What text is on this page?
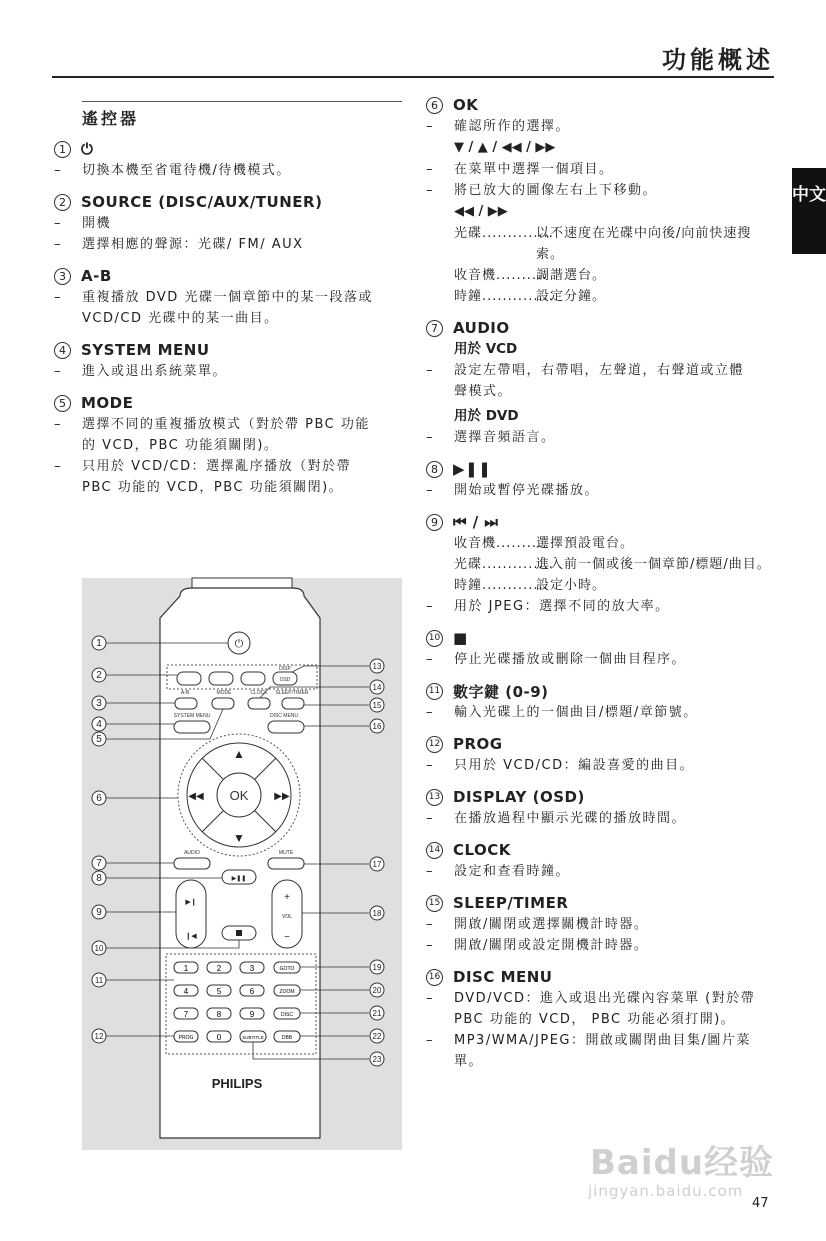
功能概述
中文
遙控器
1	⏻
– 切換本機至省電待機/待機模式。
2	SOURCE (DISC/AUX/TUNER)
– 開機
– 選擇相應的聲源：光碟/ FM/ AUX
3	A-B
– 重複播放 DVD 光碟一個章節中的某一段落或
VCD/CD 光碟中的某一曲目。
4	SYSTEM MENU
– 進入或退出系統菜單。
5	MODE
– 選擇不同的重複播放模式（對於帶 PBC 功能
的 VCD，PBC 功能須關閉)。
– 只用於 VCD/CD：選擇亂序播放（對於帶
PBC 功能的 VCD，PBC 功能須關閉)。
⏻
DISP
OSD
A-B	MODE	CLOCK SLEEP/TIMER
SYSTEM MENU	DISC MENU
OK
▲
▼
◀◀	▶▶
AUDIO	MUTE
▶❚❚
▶❙
❙◀
+
VOL
−
1	2	3
4	5	6
7	8	9
PROG	0	SUBTITLE
GOTO
ZOOM
DISC
DBB
PHILIPS
1
2
3
4
5
6
7
8
9
10
11
12
13
14
15
16
17
18
19
20
21
22
23
6	OK
– 確認所作的選擇。
▼ / ▲ / ◀◀ / ▶▶
– 在菜單中選擇一個項目。
– 將已放大的圖像左右上下移動。
◀◀ / ▶▶
光碟..............
以不速度在光碟中向後/向前快速搜索。
收音機..........
調諧選台。
時鐘..............
設定分鐘。
7	AUDIO
用於 VCD
– 設定左帶唱，右帶唱，左聲道，右聲道或立體
聲模式。
用於 DVD
– 選擇音頻語言。
8	▶❚❚
– 開始或暫停光碟播放。
9	⏮ / ⏭
收音機..........
選擇預設電台。
光碟..............
進入前一個或後一個章節/標題/曲目。
時鐘.............
設定小時。
– 用於 JPEG：選擇不同的放大率。
10 ■
– 停止光碟播放或刪除一個曲目程序。
11 數字鍵 (0-9)
– 輸入光碟上的一個曲目/標題/章節號。
12 PROG
– 只用於 VCD/CD：編設喜愛的曲目。
13 DISPLAY (OSD)
– 在播放過程中顯示光碟的播放時間。
14 CLOCK
– 設定和查看時鐘。
15 SLEEP/TIMER
– 開啟/關閉或選擇關機計時器。
– 開啟/關閉或設定開機計時器。
16 DISC MENU
– DVD/VCD：進入或退出光碟內容菜單 (對於帶 PBC 功能的 VCD， PBC 功能必須打開)。
– MP3/WMA/JPEG：開啟或關閉曲目集/圖片菜單。
Baidu经验
jingyan.baidu.com
47
